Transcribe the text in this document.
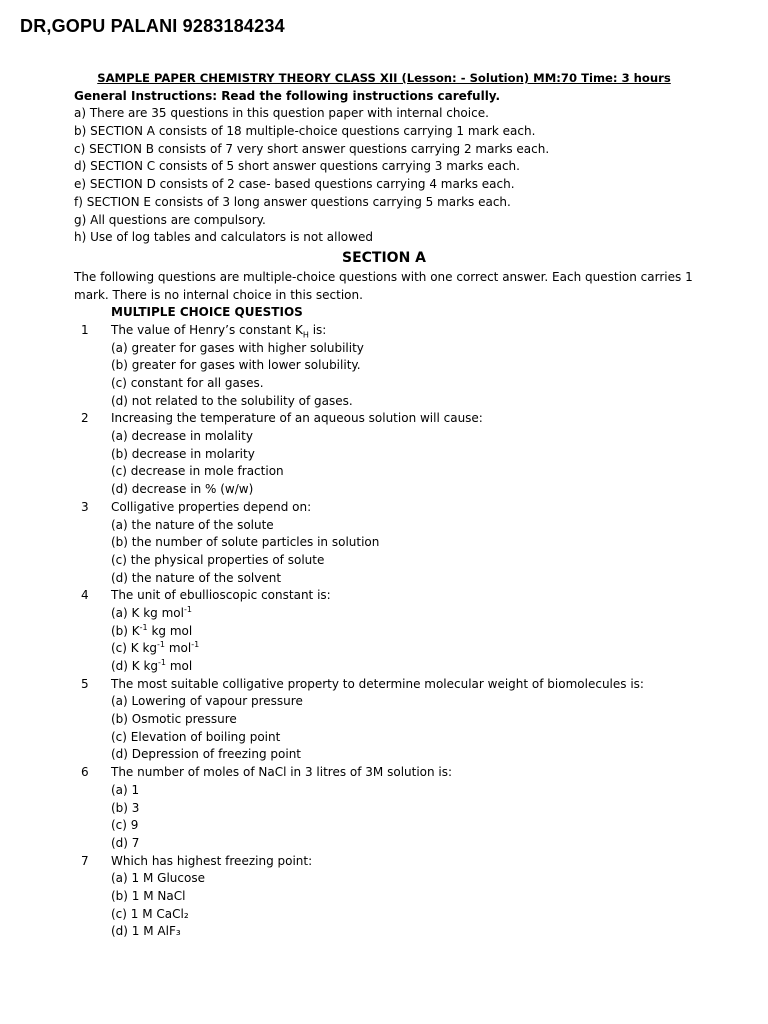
DR,GOPU PALANI 9283184234
SAMPLE PAPER CHEMISTRY THEORY CLASS XII (Lesson: - Solution) MM:70 Time: 3 hours
General Instructions: Read the following instructions carefully.
a) There are 35 questions in this question paper with internal choice.
b) SECTION A consists of 18 multiple-choice questions carrying 1 mark each.
c) SECTION B consists of 7 very short answer questions carrying 2 marks each.
d) SECTION C consists of 5 short answer questions carrying 3 marks each.
e) SECTION D consists of 2 case- based questions carrying 4 marks each.
f) SECTION E consists of 3 long answer questions carrying 5 marks each.
g) All questions are compulsory.
h) Use of log tables and calculators is not allowed
SECTION A
The following questions are multiple-choice questions with one correct answer. Each question carries 1 mark. There is no internal choice in this section.
MULTIPLE CHOICE QUESTIOS
1 The value of Henry’s constant $K_H$ is:
(a) greater for gases with higher solubility
(b) greater for gases with lower solubility.
(c) constant for all gases.
(d) not related to the solubility of gases.
2 Increasing the temperature of an aqueous solution will cause:
(a) decrease in molality
(b) decrease in molarity
(c) decrease in mole fraction
(d) decrease in % (w/w)
3 Colligative properties depend on:
(a) the nature of the solute
(b) the number of solute particles in solution
(c) the physical properties of solute
(d) the nature of the solvent
4 The unit of ebullioscopic constant is:
(a) K kg mol$^{-1}$
(b) $K^{-1}$ kg mol
(c) K $kg^{-1}$ mol$^{-1}$
(d) K $kg^{-1}$ mol
5 The most suitable colligative property to determine molecular weight of biomolecules is:
(a) Lowering of vapour pressure
(b) Osmotic pressure
(c) Elevation of boiling point
(d) Depression of freezing point
6 The number of moles of NaCl in 3 litres of 3M solution is:
(a) 1
(b) 3
(c) 9
(d) 7
7 Which has highest freezing point:
(a) 1 M Glucose
(b) 1 M NaCl
(c) 1 M CaCl₂
(d) 1 M AlF₃
